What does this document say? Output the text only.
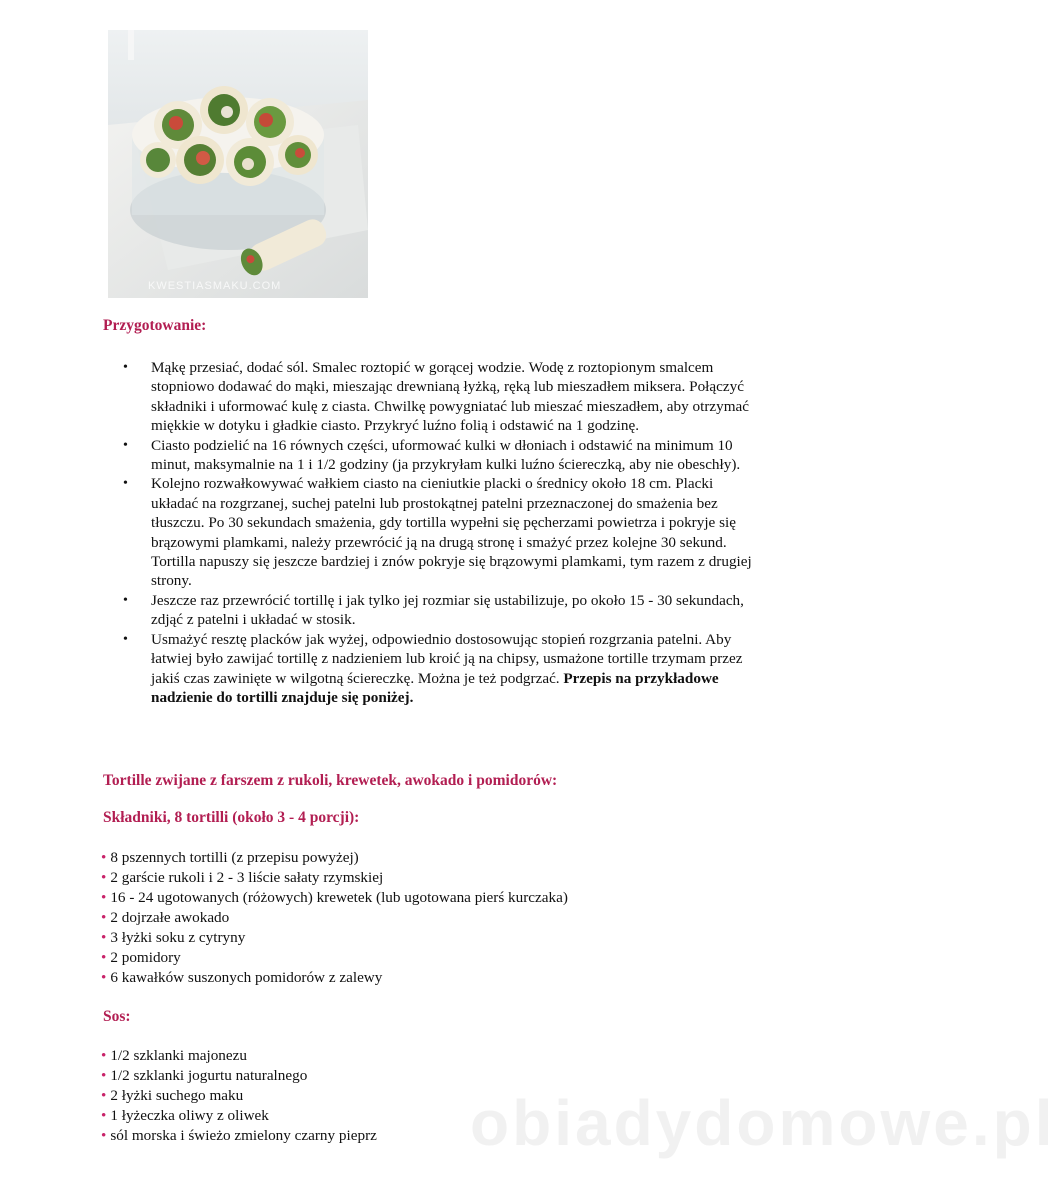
KWESTIASMAKU.COM
Przygotowanie:
• Mąkę przesiać, dodać sól. Smalec roztopić w gorącej wodzie. Wodę z roztopionym smalcem stopniowo dodawać do mąki, mieszając drewnianą łyżką, ręką lub mieszadłem miksera. Połączyć składniki i uformować kulę z ciasta. Chwilkę powygniatać lub mieszać mieszadłem, aby otrzymać miękkie w dotyku i gładkie ciasto. Przykryć luźno folią i odstawić na 1 godzinę.
• Ciasto podzielić na 16 równych części, uformować kulki w dłoniach i odstawić na minimum 10 minut, maksymalnie na 1 i 1/2 godziny (ja przykryłam kulki luźno ściereczką, aby nie obeschły).
• Kolejno rozwałkowywać wałkiem ciasto na cieniutkie placki o średnicy około 18 cm. Placki układać na rozgrzanej, suchej patelni lub prostokątnej patelni przeznaczonej do smażenia bez tłuszczu. Po 30 sekundach smażenia, gdy tortilla wypełni się pęcherzami powietrza i pokryje się brązowymi plamkami, należy przewrócić ją na drugą stronę i smażyć przez kolejne 30 sekund. Tortilla napuszy się jeszcze bardziej i znów pokryje się brązowymi plamkami, tym razem z drugiej strony.
• Jeszcze raz przewrócić tortillę i jak tylko jej rozmiar się ustabilizuje, po około 15 - 30 sekundach, zdjąć z patelni i układać w stosik.
• Usmażyć resztę placków jak wyżej, odpowiednio dostosowując stopień rozgrzania patelni. Aby łatwiej było zawijać tortillę z nadzieniem lub kroić ją na chipsy, usmażone tortille trzymam przez jakiś czas zawinięte w wilgotną ściereczkę. Można je też podgrzać. Przepis na przykładowe nadzienie do tortilli znajduje się poniżej.
Tortille zwijane z farszem z rukoli, krewetek, awokado i pomidorów:
Składniki, 8 tortilli (około 3 - 4 porcji):
• 8 pszennych tortilli (z przepisu powyżej)
• 2 garście rukoli i 2 - 3 liście sałaty rzymskiej
• 16 - 24 ugotowanych (różowych) krewetek (lub ugotowana pierś kurczaka)
• 2 dojrzałe awokado
• 3 łyżki soku z cytryny
• 2 pomidory
• 6 kawałków suszonych pomidorów z zalewy
Sos:
• 1/2 szklanki majonezu
• 1/2 szklanki jogurtu naturalnego
• 2 łyżki suchego maku
• 1 łyżeczka oliwy z oliwek
• sól morska i świeżo zmielony czarny pieprz obiadydomowe.pl
